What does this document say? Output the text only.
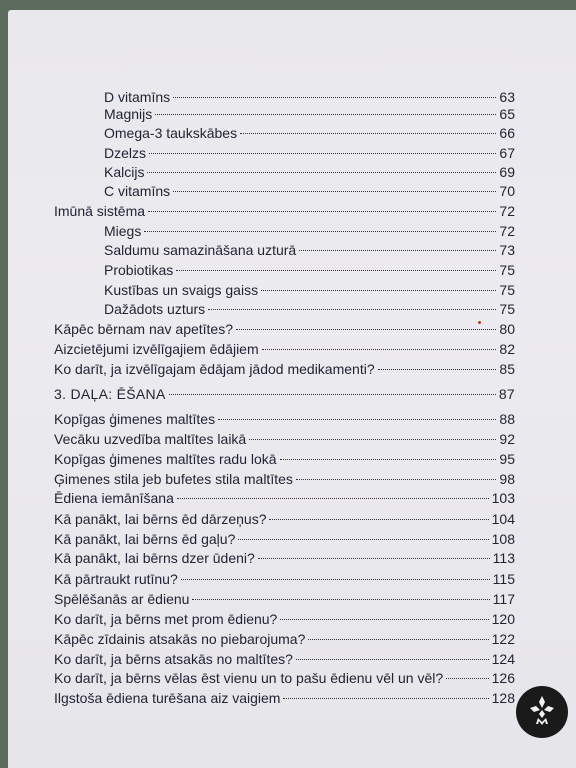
D vitamīns	63
Magnijs	65
Omega-3 taukskābes	66
Dzelzs	67
Kalcijs	69
C vitamīns	70
Imūnā sistēma	72
Miegs	72
Saldumu samazināšana uzturā	73
Probiotikas	75
Kustības un svaigs gaiss	75
Dažādots uzturs	75
Kāpēc bērnam nav apetītes?	80
Aizcietējumi izvēlīgajiem ēdājiem	82
Ko darīt, ja izvēlīgajam ēdājam jādod medikamenti?	85
3. DAĻA: ĒŠANA	87
Kopīgas ģimenes maltītes	88
Vecāku uzvedība maltītes laikā	92
Kopīgas ģimenes maltītes radu lokā	95
Ģimenes stila jeb bufetes stila maltītes	98
Ēdiena iemānīšana	103
Kā panākt, lai bērns ēd dārzeņus?	104
Kā panākt, lai bērns ēd gaļu?	108
Kā panākt, lai bērns dzer ūdeni?	113
Kā pārtraukt rutīnu?	115
Spēlēšanās ar ēdienu	117
Ko darīt, ja bērns met prom ēdienu?	120
Kāpēc zīdainis atsakās no piebarojuma?	122
Ko darīt, ja bērns atsakās no maltītes?	124
Ko darīt, ja bērns vēlas ēst vienu un to pašu ēdienu vēl un vēl?	126
Ilgstoša ēdiena turēšana aiz vaigiem	128
